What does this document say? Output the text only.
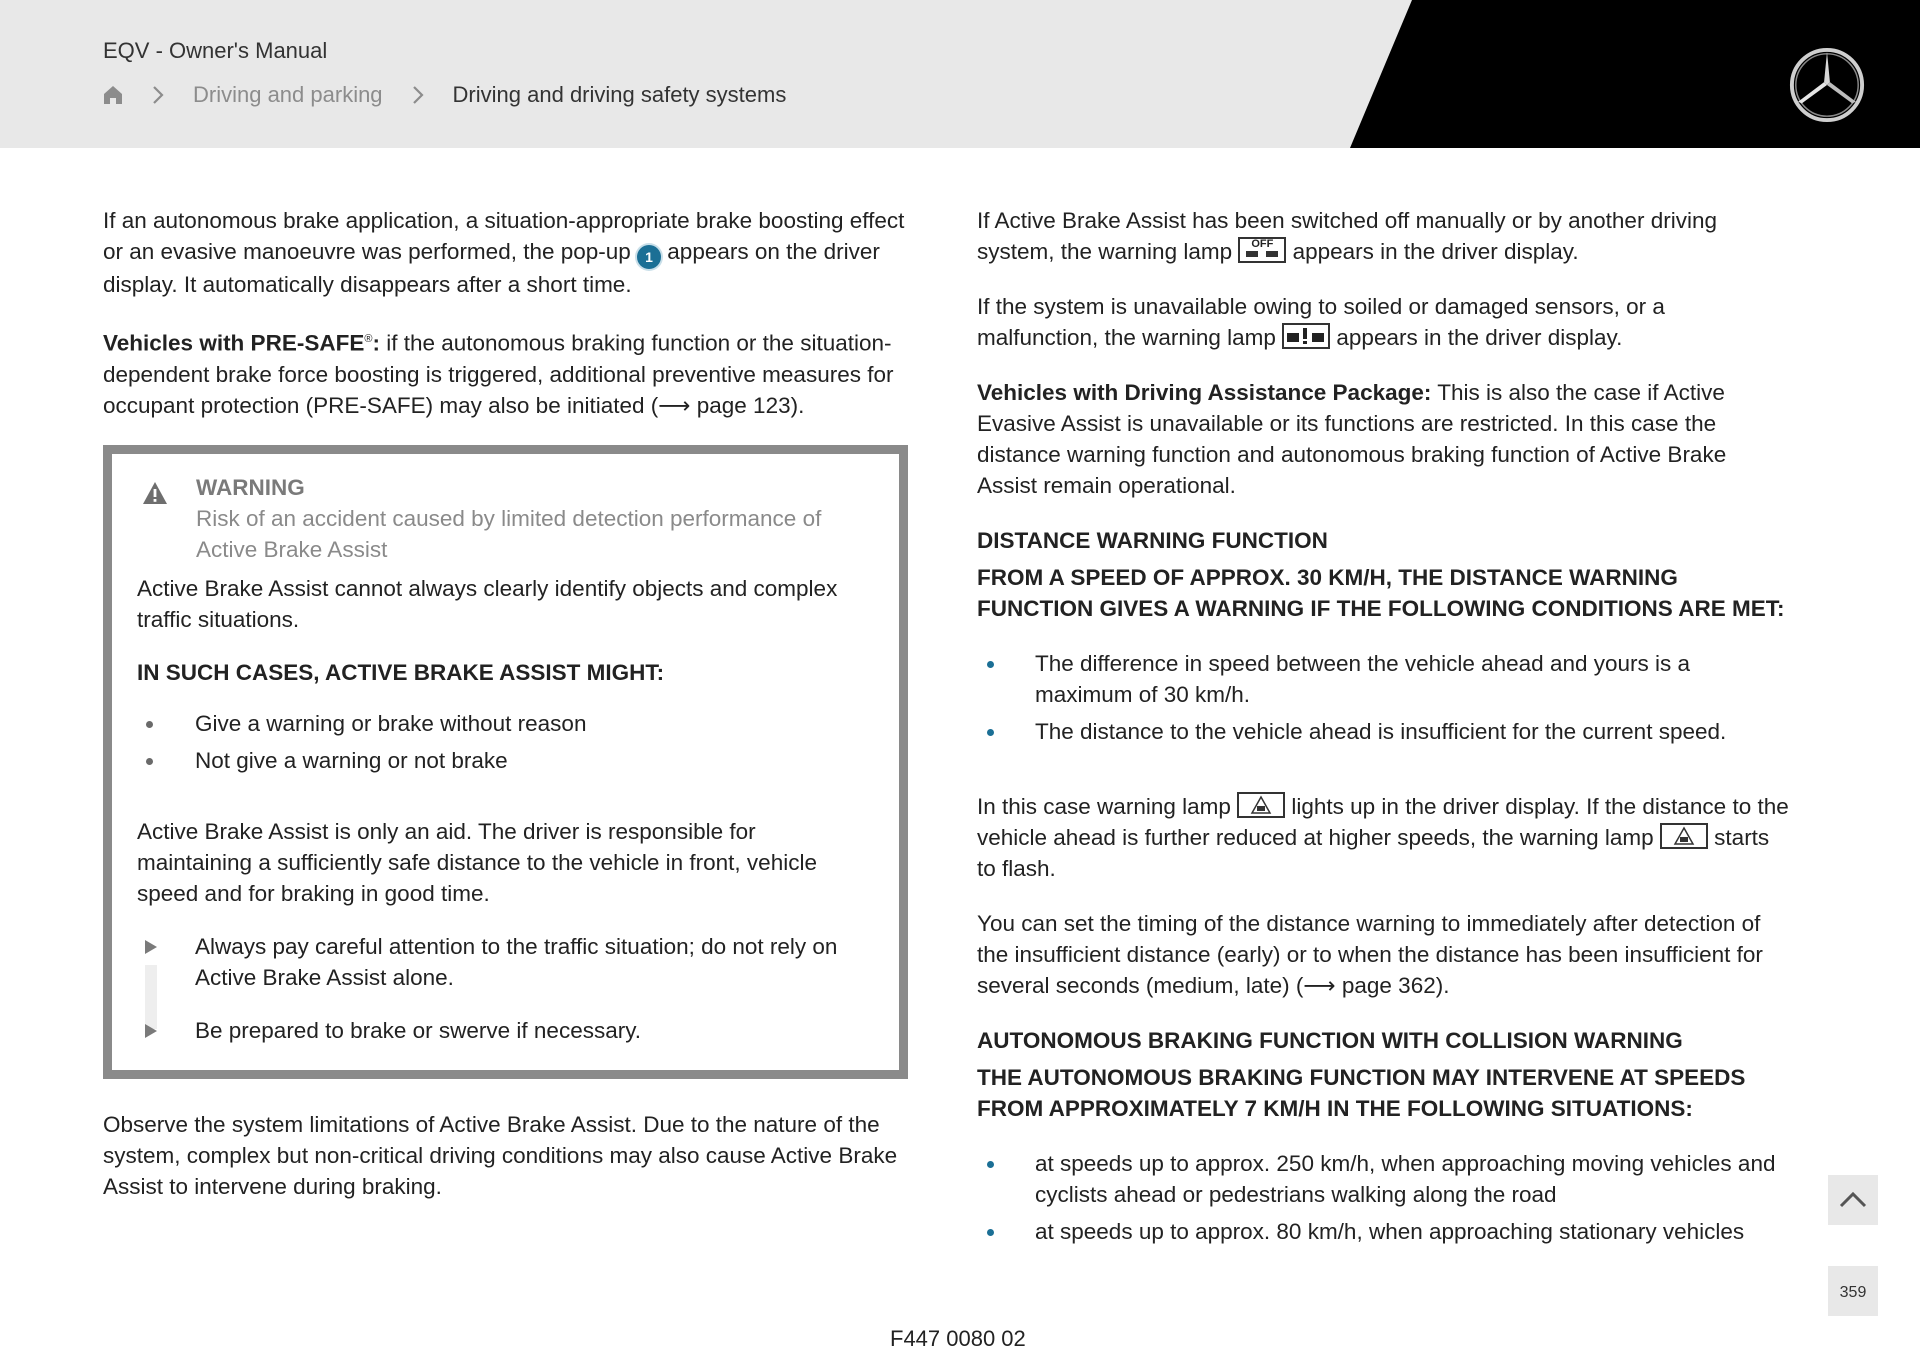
EQV - Owner's Manual
Driving and parking	Driving and driving safety systems

If an autonomous brake application, a situation-appropriate brake boosting effect or an evasive manoeuvre was performed, the pop-up 1 appears on the driver display. It automatically disappears after a short time.

Vehicles with PRE-SAFE®: if the autonomous braking function or the situation-dependent brake force boosting is triggered, additional preventive measures for occupant protection (PRE-SAFE) may also be initiated (⟶ page 123).

WARNING
Risk of an accident caused by limited detection performance of Active Brake Assist

Active Brake Assist cannot always clearly identify objects and complex traffic situations.

IN SUCH CASES, ACTIVE BRAKE ASSIST MIGHT:
Give a warning or brake without reason
Not give a warning or not brake

Active Brake Assist is only an aid. The driver is responsible for maintaining a sufficiently safe distance to the vehicle in front, vehicle speed and for braking in good time.

Always pay careful attention to the traffic situation; do not rely on Active Brake Assist alone.
Be prepared to brake or swerve if necessary.

Observe the system limitations of Active Brake Assist. Due to the nature of the system, complex but non-critical driving conditions may also cause Active Brake Assist to intervene during braking.

If Active Brake Assist has been switched off manually or by another driving system, the warning lamp	OFF appears in the driver display.

If the system is unavailable owing to soiled or damaged sensors, or a malfunction, the warning lamp
appears in the driver display.

Vehicles with Driving Assistance Package: This is also the case if Active Evasive Assist is unavailable or its functions are restricted. In this case the distance warning function and autonomous braking function of Active Brake Assist remain operational.

DISTANCE WARNING FUNCTION
FROM A SPEED OF APPROX. 30 KM/H, THE DISTANCE WARNING FUNCTION GIVES A WARNING IF THE FOLLOWING CONDITIONS ARE MET:
The difference in speed between the vehicle ahead and yours is a maximum of 30 km/h.
The distance to the vehicle ahead is insufficient for the current speed.

In this case warning lamp
lights up in the driver display. If the distance to the vehicle ahead is further reduced at higher speeds, the warning lamp
starts to flash.

You can set the timing of the distance warning to immediately after detection of the insufficient distance (early) or to when the distance has been insufficient for several seconds (medium, late) (⟶ page 362).

AUTONOMOUS BRAKING FUNCTION WITH COLLISION WARNING
THE AUTONOMOUS BRAKING FUNCTION MAY INTERVENE AT SPEEDS FROM APPROXIMATELY 7 KM/H IN THE FOLLOWING SITUATIONS:
at speeds up to approx. 250 km/h, when approaching moving vehicles and cyclists ahead or pedestrians walking along the road
at speeds up to approx. 80 km/h, when approaching stationary vehicles
359
F447 0080 02
